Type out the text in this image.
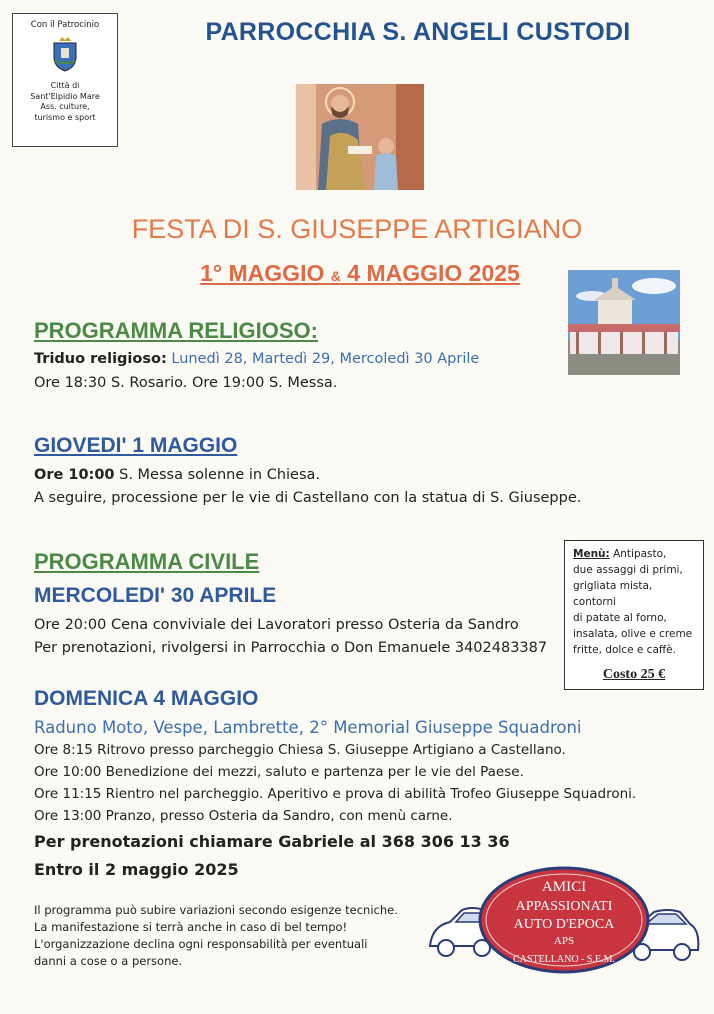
Con il Patrocinio
Città di
Sant'Elpidio Mare
Ass. culture,
turismo e sport
PARROCCHIA S. ANGELI CUSTODI
FESTA DI S. GIUSEPPE ARTIGIANO
1° MAGGIO & 4 MAGGIO 2025
PROGRAMMA RELIGIOSO:
Triduo religioso: Lunedì 28, Martedì 29, Mercoledì 30 Aprile
Ore 18:30 S. Rosario. Ore 19:00 S. Messa.
GIOVEDI' 1 MAGGIO
Ore 10:00 S. Messa solenne in Chiesa.
A seguire, processione per le vie di Castellano con la statua di S. Giuseppe.
PROGRAMMA CIVILE
MERCOLEDI' 30 APRILE
Ore 20:00 Cena conviviale dei Lavoratori presso Osteria da Sandro
Per prenotazioni, rivolgersi in Parrocchia o Don Emanuele 3402483387
Menù: Antipasto,
due assaggi di primi,
grigliata mista, contorni
di patate al forno,
insalata, olive e creme
fritte, dolce e caffè.
Costo 25 €
DOMENICA 4 MAGGIO
Raduno Moto, Vespe, Lambrette, 2° Memorial Giuseppe Squadroni
Ore 8:15 Ritrovo presso parcheggio Chiesa S. Giuseppe Artigiano a Castellano.
Ore 10:00 Benedizione dei mezzi, saluto e partenza per le vie del Paese.
Ore 11:15 Rientro nel parcheggio. Aperitivo e prova di abilità Trofeo Giuseppe Squadroni.
Ore 13:00 Pranzo, presso Osteria da Sandro, con menù carne.
Per prenotazioni chiamare Gabriele al 368 306 13 36
Entro il 2 maggio 2025
Il programma può subire variazioni secondo esigenze tecniche.
La manifestazione si terrà anche in caso di bel tempo!
L'organizzazione declina ogni responsabilità per eventuali
danni a cose o a persone.
AMICI
APPASSIONATI
AUTO D'EPOCA
APS
CASTELLANO - S.E.M.
